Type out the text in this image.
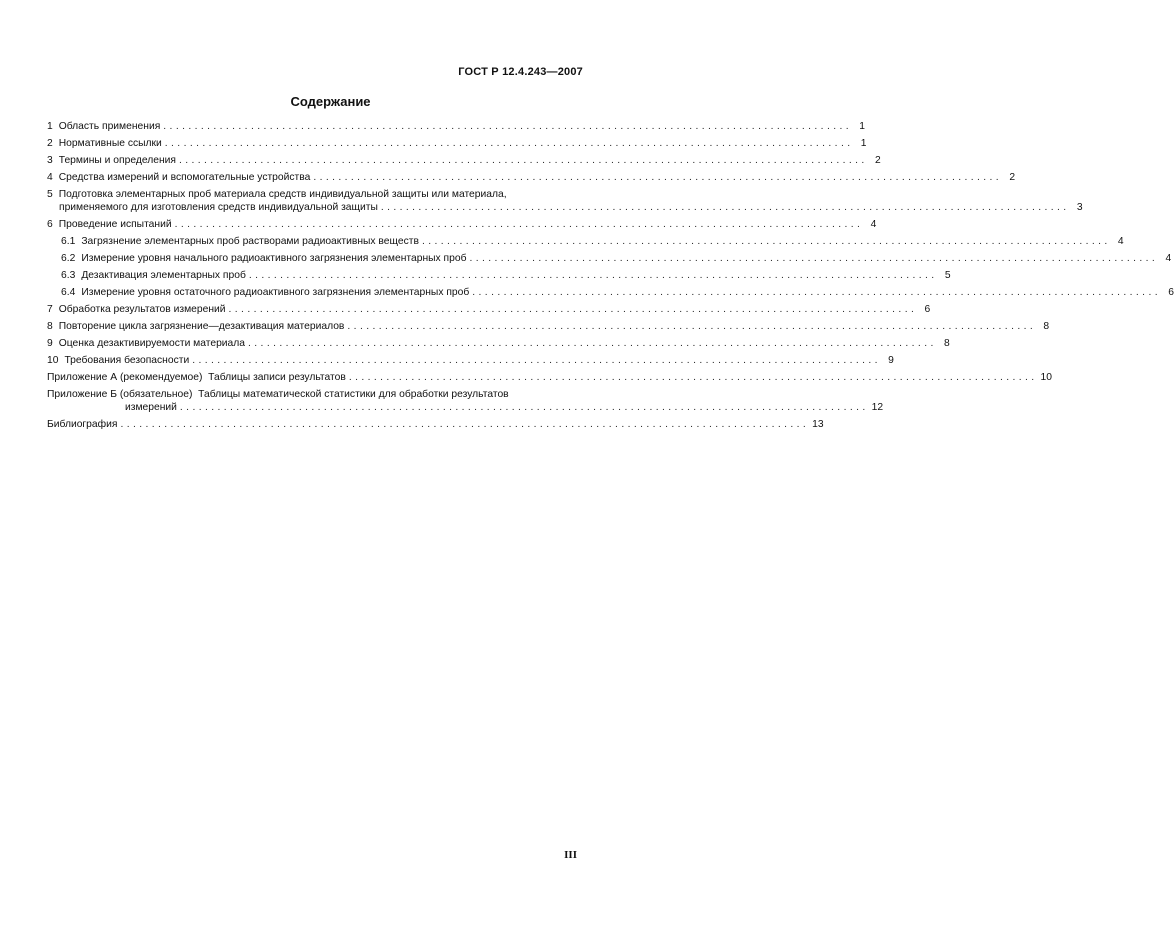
ГОСТ Р 12.4.243—2007
Содержание
1 Область применения .............................................................................................................. 1
2 Нормативные ссылки .............................................................................................................. 1
3 Термины и определения .............................................................................................................. 2
4 Средства измерений и вспомогательные устройства .............................................................................................................. 2
5 Подготовка элементарных проб материала средств индивидуальной защиты или материала,
применяемого для изготовления средств индивидуальной защиты .............................................................................................................. 3
6 Проведение испытаний .............................................................................................................. 4
6.1 Загрязнение элементарных проб растворами радиоактивных веществ .............................................................................................................. 4
6.2 Измерение уровня начального радиоактивного загрязнения элементарных проб .............................................................................................................. 4
6.3 Дезактивация элементарных проб .............................................................................................................. 5
6.4 Измерение уровня остаточного радиоактивного загрязнения элементарных проб .............................................................................................................. 6
7 Обработка результатов измерений .............................................................................................................. 6
8 Повторение цикла загрязнение—дезактивация материалов .............................................................................................................. 8
9 Оценка дезактивируемости материала .............................................................................................................. 8
10 Требования безопасности .............................................................................................................. 9
Приложение А (рекомендуемое)  Таблицы записи результатов .............................................................................................................. 10
Приложение Б (обязательное)  Таблицы математической статистики для обработки результатов
измерений .............................................................................................................. 12
Библиография .............................................................................................................. 13
III
